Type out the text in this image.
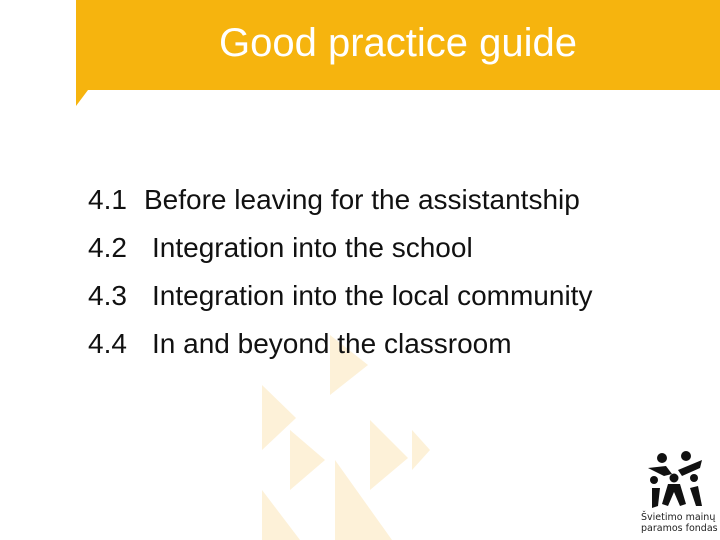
Good practice guide
4.1 Before leaving for the assistantship
4.2 Integration into the school
4.3 Integration into the local community
4.4 In and beyond the classroom
Švietimo mainų
paramos fondas
